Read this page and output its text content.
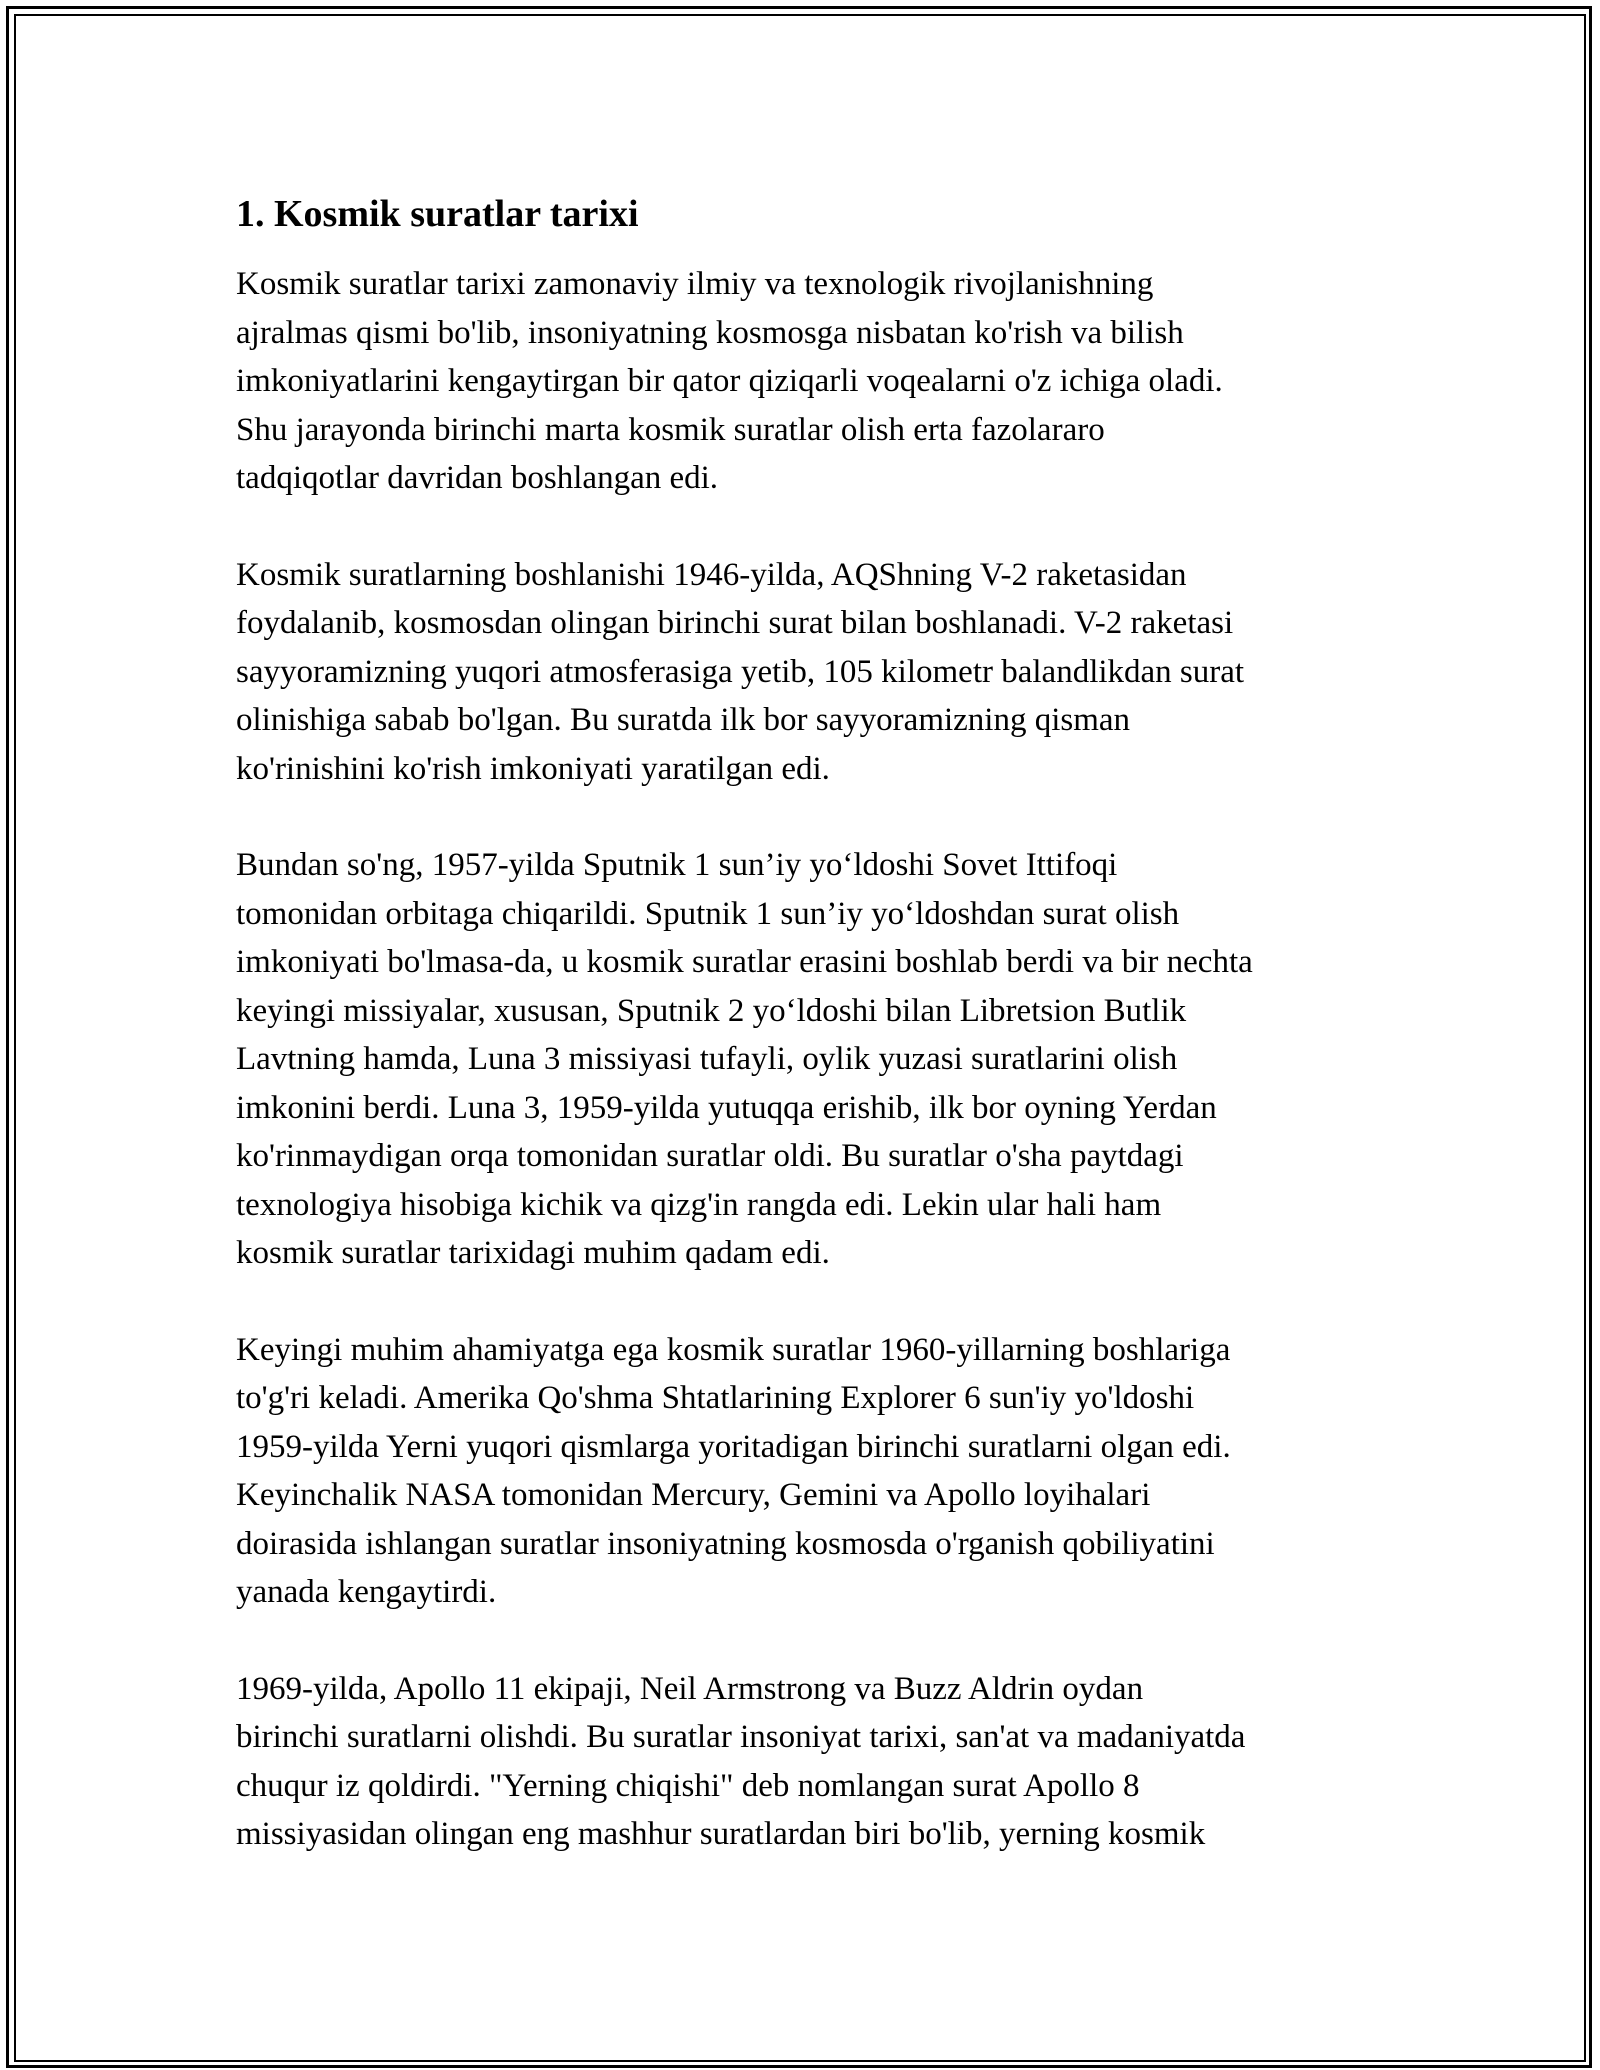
1. Kosmik suratlar tarixi
Kosmik suratlar tarixi zamonaviy ilmiy va texnologik rivojlanishning
ajralmas qismi bo'lib, insoniyatning kosmosga nisbatan ko'rish va bilish
imkoniyatlarini kengaytirgan bir qator qiziqarli voqealarni o'z ichiga oladi.
Shu jarayonda birinchi marta kosmik suratlar olish erta fazolararo
tadqiqotlar davridan boshlangan edi.
Kosmik suratlarning boshlanishi 1946-yilda, AQShning V-2 raketasidan
foydalanib, kosmosdan olingan birinchi surat bilan boshlanadi. V-2 raketasi
sayyoramizning yuqori atmosferasiga yetib, 105 kilometr balandlikdan surat
olinishiga sabab bo'lgan. Bu suratda ilk bor sayyoramizning qisman
ko'rinishini ko'rish imkoniyati yaratilgan edi.
Bundan so'ng, 1957-yilda Sputnik 1 sun’iy yo‘ldoshi Sovet Ittifoqi
tomonidan orbitaga chiqarildi. Sputnik 1 sun’iy yo‘ldoshdan surat olish
imkoniyati bo'lmasa-da, u kosmik suratlar erasini boshlab berdi va bir nechta
keyingi missiyalar, xususan, Sputnik 2 yo‘ldoshi bilan Libretsion Butlik
Lavtning hamda, Luna 3 missiyasi tufayli, oylik yuzasi suratlarini olish
imkonini berdi. Luna 3, 1959-yilda yutuqqa erishib, ilk bor oyning Yerdan
ko'rinmaydigan orqa tomonidan suratlar oldi. Bu suratlar o'sha paytdagi
texnologiya hisobiga kichik va qizg'in rangda edi. Lekin ular hali ham
kosmik suratlar tarixidagi muhim qadam edi.
Keyingi muhim ahamiyatga ega kosmik suratlar 1960-yillarning boshlariga
to'g'ri keladi. Amerika Qo'shma Shtatlarining Explorer 6 sun'iy yo'ldoshi
1959-yilda Yerni yuqori qismlarga yoritadigan birinchi suratlarni olgan edi.
Keyinchalik NASA tomonidan Mercury, Gemini va Apollo loyihalari
doirasida ishlangan suratlar insoniyatning kosmosda o'rganish qobiliyatini
yanada kengaytirdi.
1969-yilda, Apollo 11 ekipaji, Neil Armstrong va Buzz Aldrin oydan
birinchi suratlarni olishdi. Bu suratlar insoniyat tarixi, san'at va madaniyatda
chuqur iz qoldirdi. "Yerning chiqishi" deb nomlangan surat Apollo 8
missiyasidan olingan eng mashhur suratlardan biri bo'lib, yerning kosmik
